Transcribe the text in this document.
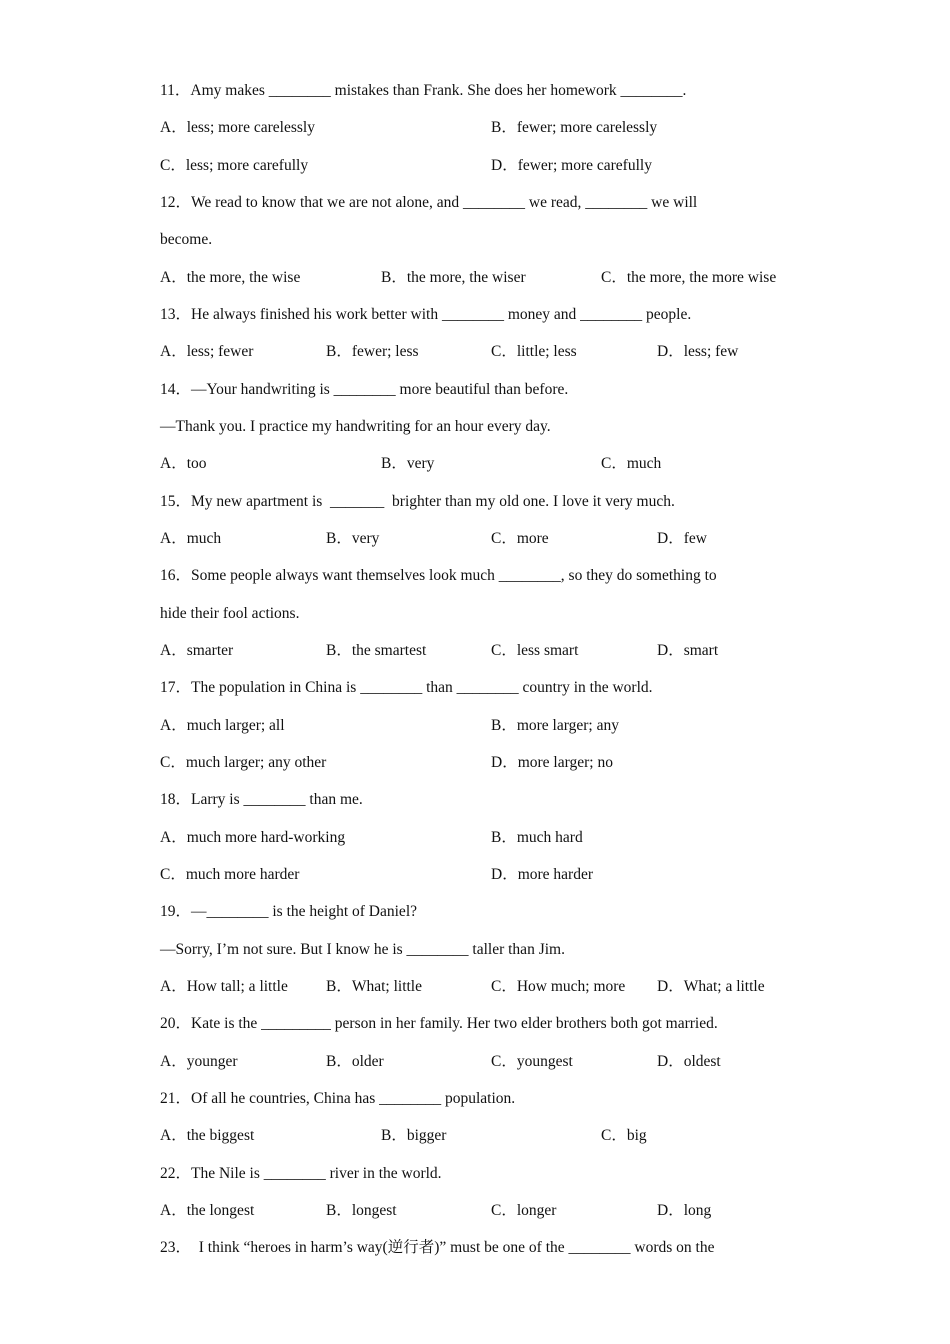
11．Amy makes ________ mistakes than Frank. She does her homework ________.
A．less; more carelessly	B．fewer; more carelessly
C．less; more carefully	D．fewer; more carefully
12．We read to know that we are not alone, and ________ we read, ________ we will
become.
A．the more, the wise	B．the more, the wiser	C．the more, the more wise
13．He always finished his work better with ________ money and ________ people.
A．less; fewer	B．fewer; less	C．little; less	D．less; few
14．—Your handwriting is ________ more beautiful than before.
—Thank you. I practice my handwriting for an hour every day.
A．too	B．very	C．much
15．My new apartment is  _______  brighter than my old one. I love it very much.
A．much	B．very	C．more	D．few
16．Some people always want themselves look much ________, so they do something to
hide their fool actions.
A．smarter	B．the smartest	C．less smart	D．smart
17．The population in China is ________ than ________ country in the world.
A．much larger; all	B．more larger; any
C．much larger; any other	D．more larger; no
18．Larry is ________ than me.
A．much more hard-working	B．much hard
C．much more harder	D．more harder
19．—________ is the height of Daniel?
—Sorry, I’m not sure. But I know he is ________ taller than Jim.
A．How tall; a little B．What; little	C．How much; more D．What; a little
20．Kate is the _________ person in her family. Her two elder brothers both got married.
A．younger	B．older	C．youngest	D．oldest
21．Of all he countries, China has ________ population.
A．the biggest	B．bigger	C．big
22．The Nile is ________ river in the world.
A．the longest	B．longest	C．longer	D．long
23．  I think “heroes in harm’s way(逆行者)” must be one of the ________ words on the
